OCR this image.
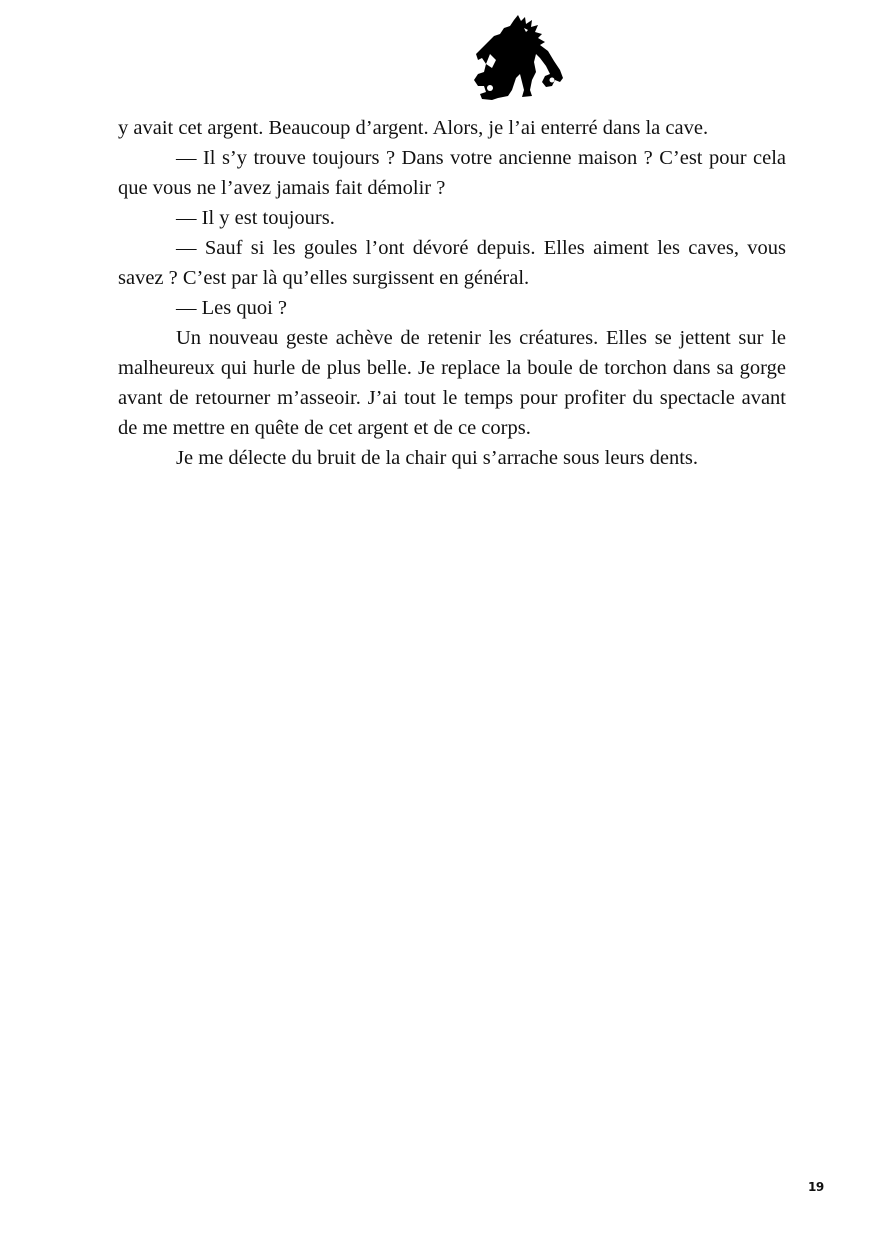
y avait cet argent. Beaucoup d’argent. Alors, je l’ai enterré dans la cave.

— Il s’y trouve toujours ? Dans votre ancienne maison ? C’est pour cela que vous ne l’avez jamais fait démolir ?

— Il y est toujours.

— Sauf si les goules l’ont dévoré depuis. Elles aiment les caves, vous savez ? C’est par là qu’elles surgissent en général.

— Les quoi ?

Un nouveau geste achève de retenir les créatures. Elles se jettent sur le malheureux qui hurle de plus belle. Je replace la boule de torchon dans sa gorge avant de retourner m’asseoir. J’ai tout le temps pour profiter du spectacle avant de me mettre en quête de cet argent et de ce corps.

Je me délecte du bruit de la chair qui s’arrache sous leurs dents.

19
